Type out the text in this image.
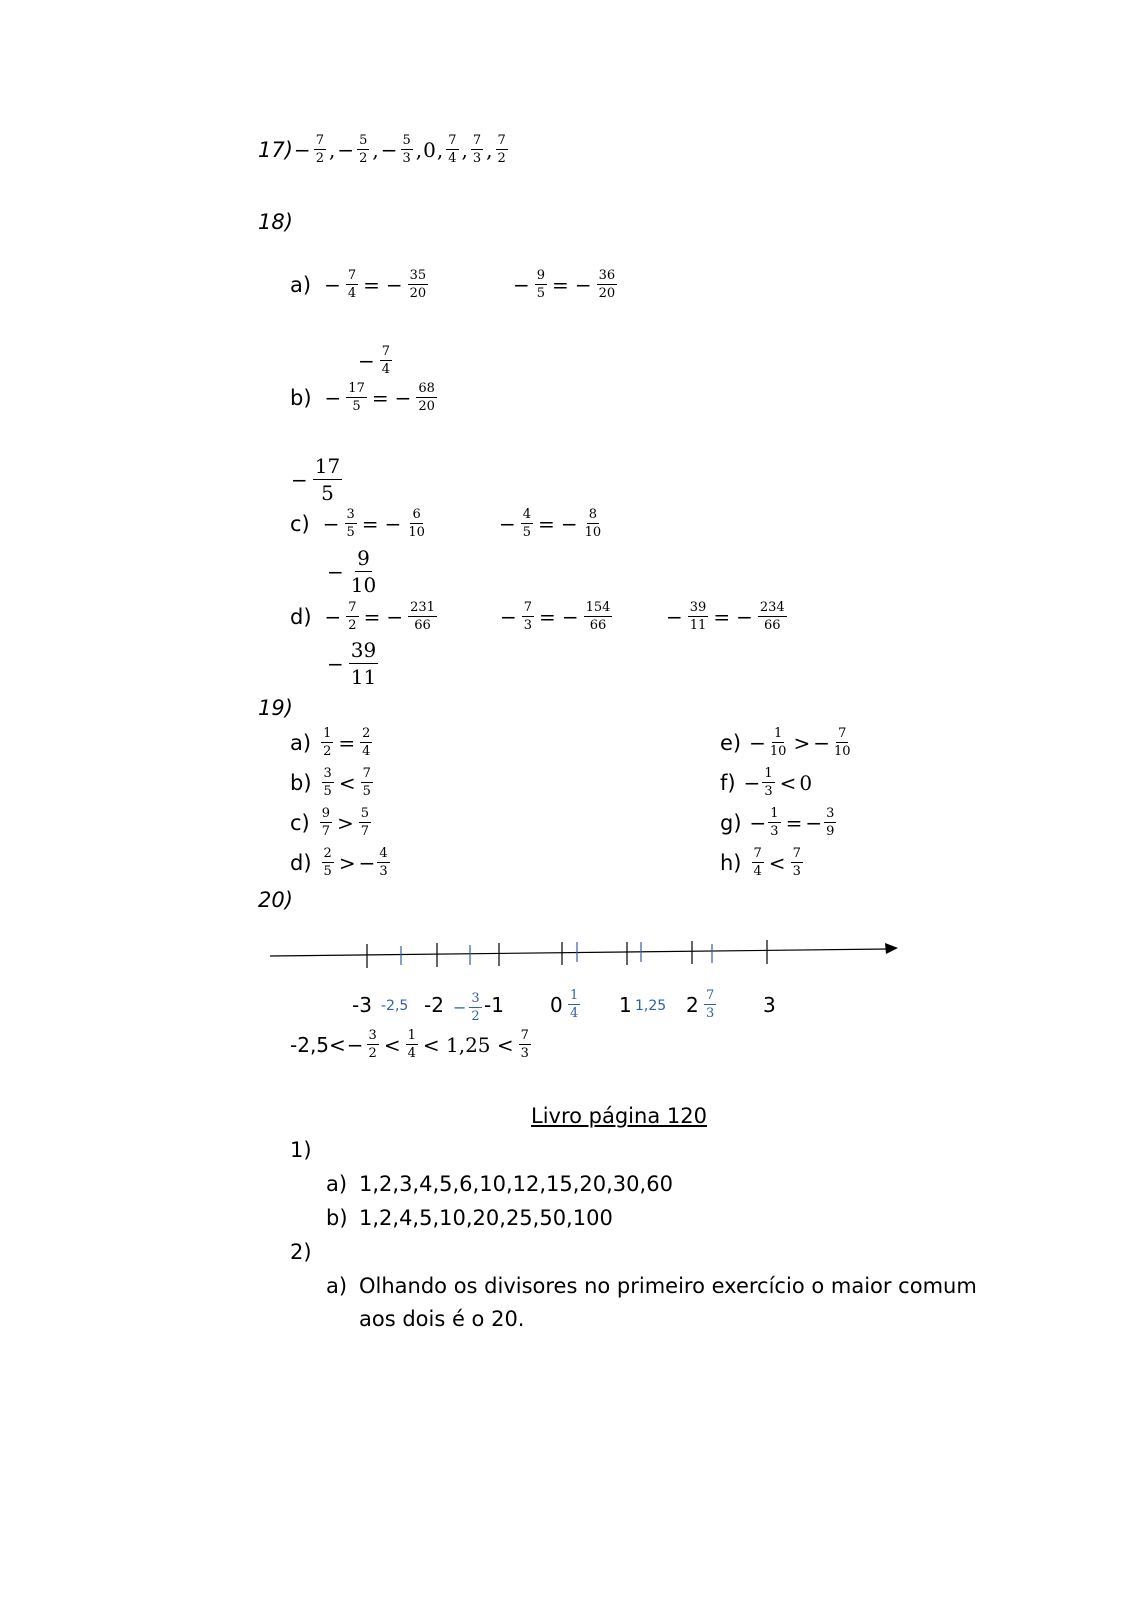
$17) - \frac{7}{2}$ , − $\frac{5}{2}$ , − $\frac{5}{3}$ , 0 , $\frac{7}{4}$ , $\frac{7}{3}$ , $\frac{7}{2}$
18)
$a) - \frac{7}{4}$ = − $\frac{35}{20}$	− $\frac{9}{5}$ = − $\frac{36}{20}$
− $\frac{7}{4}$
$b) - \frac{17}{5}$ = − $\frac{68}{20}$
− $\frac{17}{5}$
$c) - \frac{3}{5}$ = − $\frac{6}{10}$	− $\frac{4}{5}$ = − $\frac{8}{10}$
− $\frac{9}{10}$
$d) - \frac{7}{2}$ = − $\frac{231}{66}$	− $\frac{7}{3}$ = − $\frac{154}{66}$	− $\frac{39}{11}$ = − $\frac{234}{66}$
− $\frac{39}{11}$
19)
$a) \frac{1}{2} = \frac{2}{4}$
$b) \frac{3}{5} < \frac{7}{5}$
$c) \frac{9}{7} > \frac{5}{7}$
$d) \frac{2}{5}$ > − $\frac{4}{3}$
$e) - \frac{1}{10}$ > − $\frac{7}{10}$
$f) - \frac{1}{3} < 0$
$g) - \frac{1}{3}$ = − $\frac{3}{9}$
$h) \frac{7}{4} < \frac{7}{3}$
20)
-3 -2,5 $-2 - \frac{3}{2} -1$ $0 \frac{1}{4} 1$ 1,25 $2 \frac{7}{3} 3$
$-2,5< - \frac{3}{2} < \frac{1}{4} < 1,25 < \frac{7}{3}$
Livro página 120
1)
a) 1,2,3,4,5,6,10,12,15,20,30,60
b) 1,2,4,5,10,20,25,50,100
2)
a) Olhando os divisores no primeiro exercício o maior comum
aos dois é o 20.
